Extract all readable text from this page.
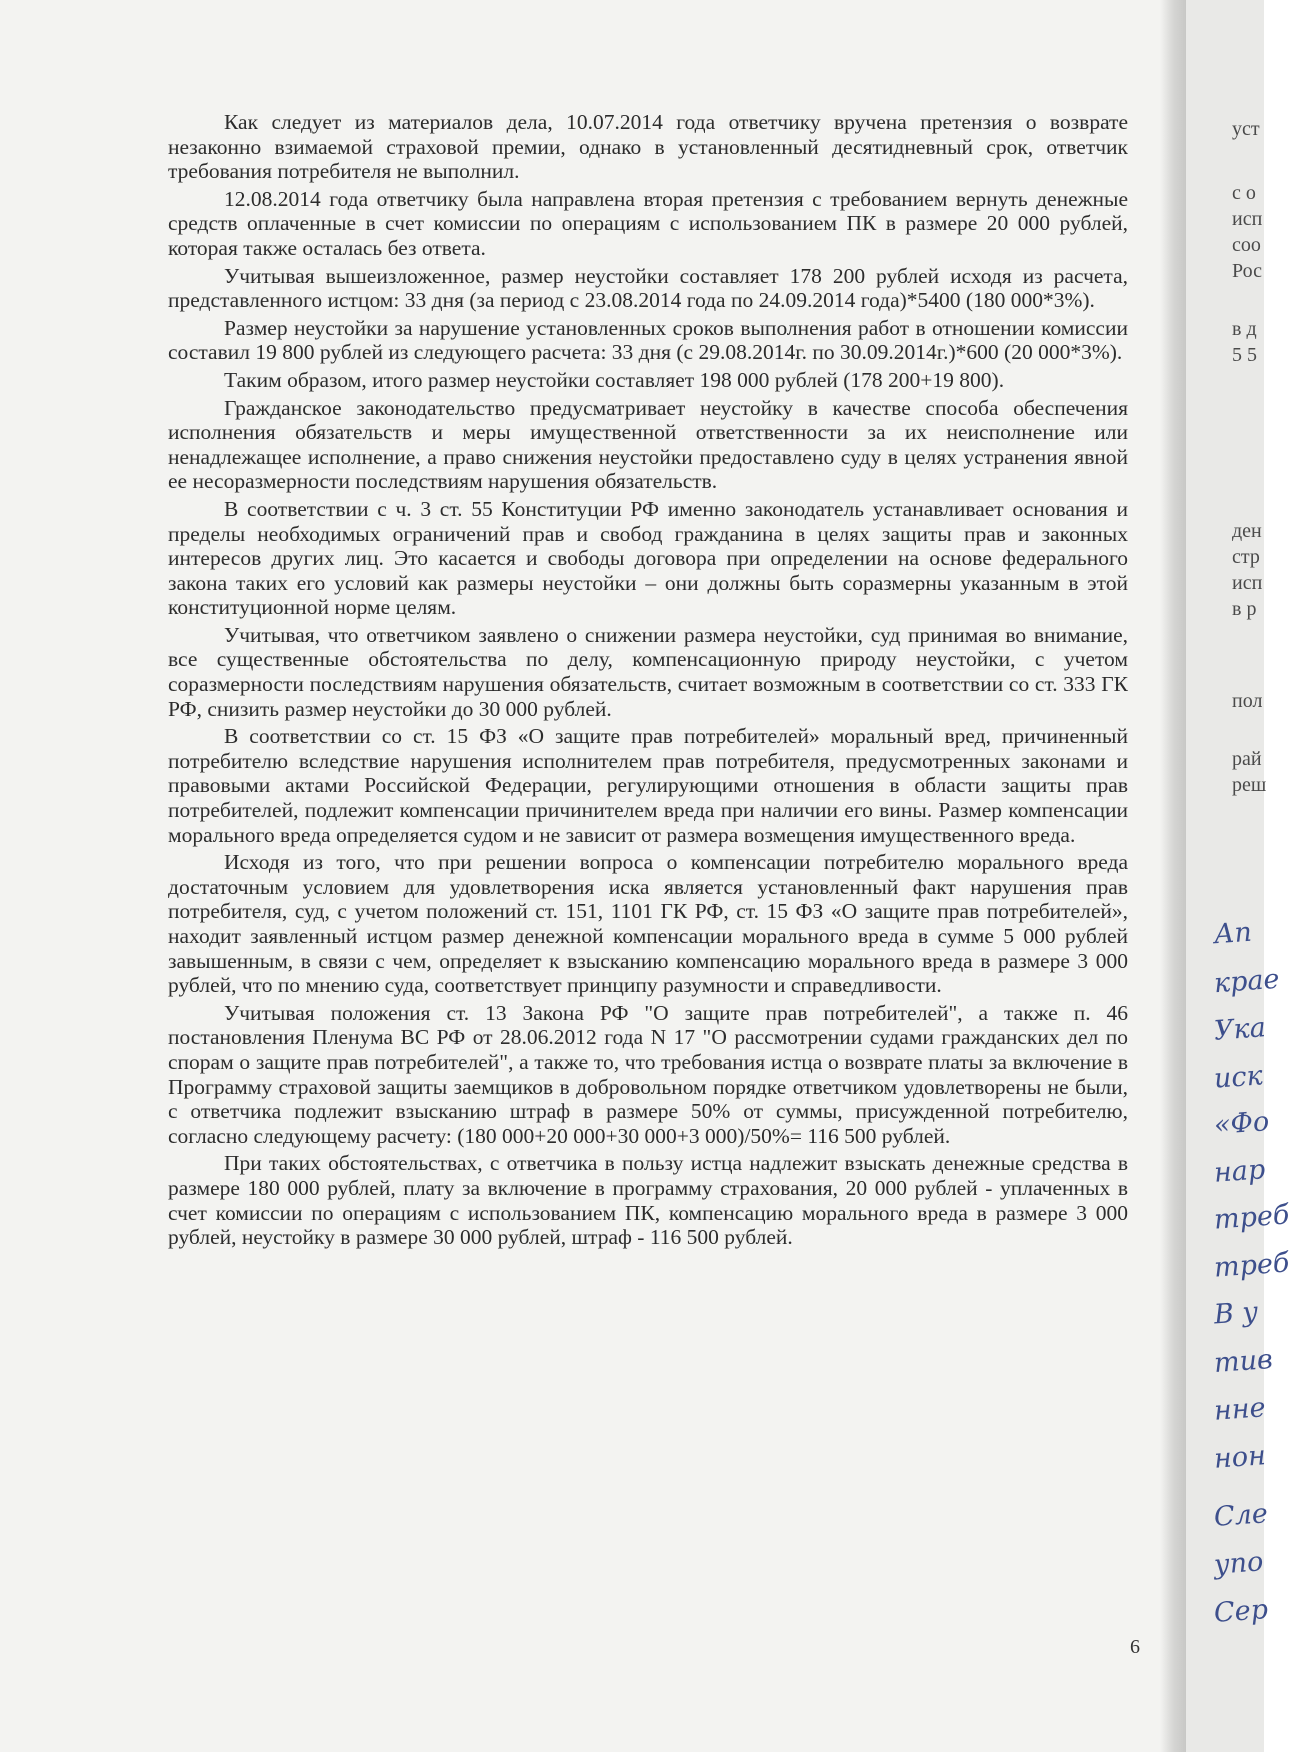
Как следует из материалов дела, 10.07.2014 года ответчику вручена претензия о возврате незаконно взимаемой страховой премии, однако в установленный десятидневный срок, ответчик требования потребителя не выполнил.

12.08.2014 года ответчику была направлена вторая претензия с требованием вернуть денежные средств оплаченные в счет комиссии по операциям с использованием ПК в размере 20 000 рублей, которая также осталась без ответа.

Учитывая вышеизложенное, размер неустойки составляет 178 200 рублей исходя из расчета, представленного истцом: 33 дня (за период с 23.08.2014 года по 24.09.2014 года)*5400 (180 000*3%).

Размер неустойки за нарушение установленных сроков выполнения работ в отношении комиссии составил 19 800 рублей из следующего расчета: 33 дня (с 29.08.2014г. по 30.09.2014г.)*600 (20 000*3%).

Таким образом, итого размер неустойки составляет 198 000 рублей (178 200+19 800).

Гражданское законодательство предусматривает неустойку в качестве способа обеспечения исполнения обязательств и меры имущественной ответственности за их неисполнение или ненадлежащее исполнение, а право снижения неустойки предоставлено суду в целях устранения явной ее несоразмерности последствиям нарушения обязательств.

В соответствии с ч. 3 ст. 55 Конституции РФ именно законодатель устанавливает основания и пределы необходимых ограничений прав и свобод гражданина в целях защиты прав и законных интересов других лиц. Это касается и свободы договора при определении на основе федерального закона таких его условий как размеры неустойки – они должны быть соразмерны указанным в этой конституционной норме целям.

Учитывая, что ответчиком заявлено о снижении размера неустойки, суд принимая во внимание, все существенные обстоятельства по делу, компенсационную природу неустойки, с учетом соразмерности последствиям нарушения обязательств, считает возможным в соответствии со ст. 333 ГК РФ, снизить размер неустойки до 30 000 рублей.

В соответствии со ст. 15 ФЗ «О защите прав потребителей» моральный вред, причиненный потребителю вследствие нарушения исполнителем прав потребителя, предусмотренных законами и правовыми актами Российской Федерации, регулирующими отношения в области защиты прав потребителей, подлежит компенсации причинителем вреда при наличии его вины. Размер компенсации морального вреда определяется судом и не зависит от размера возмещения имущественного вреда.

Исходя из того, что при решении вопроса о компенсации потребителю морального вреда достаточным условием для удовлетворения иска является установленный факт нарушения прав потребителя, суд, с учетом положений ст. 151, 1101 ГК РФ, ст. 15 ФЗ «О защите прав потребителей», находит заявленный истцом размер денежной компенсации морального вреда в сумме 5 000 рублей завышенным, в связи с чем, определяет к взысканию компенсацию морального вреда в размере 3 000 рублей, что по мнению суда, соответствует принципу разумности и справедливости.

Учитывая положения ст. 13 Закона РФ "О защите прав потребителей", а также п. 46 постановления Пленума ВС РФ от 28.06.2012 года N 17 "О рассмотрении судами гражданских дел по спорам о защите прав потребителей", а также то, что требования истца о возврате платы за включение в Программу страховой защиты заемщиков в добровольном порядке ответчиком удовлетворены не были, с ответчика подлежит взысканию штраф в размере 50% от суммы, присужденной потребителю, согласно следующему расчету: (180 000+20 000+30 000+3 000)/50%= 116 500 рублей.

При таких обстоятельствах, с ответчика в пользу истца надлежит взыскать денежные средства в размере 180 000 рублей, плату за включение в программу страхования, 20 000 рублей - уплаченных в счет комиссии по операциям с использованием ПК, компенсацию морального вреда в размере 3 000 рублей, неустойку в размере 30 000 рублей, штраф - 116 500 рублей.

6
уст
с о
исп
соо
Рос
в д
5 5
ден
стр
исп
в р
пол
рай
реш
Ап
крае
Ука
иск
«Фо
нар
треб
треб
В у
тив
нне
нон
Сле
упо
Сер
